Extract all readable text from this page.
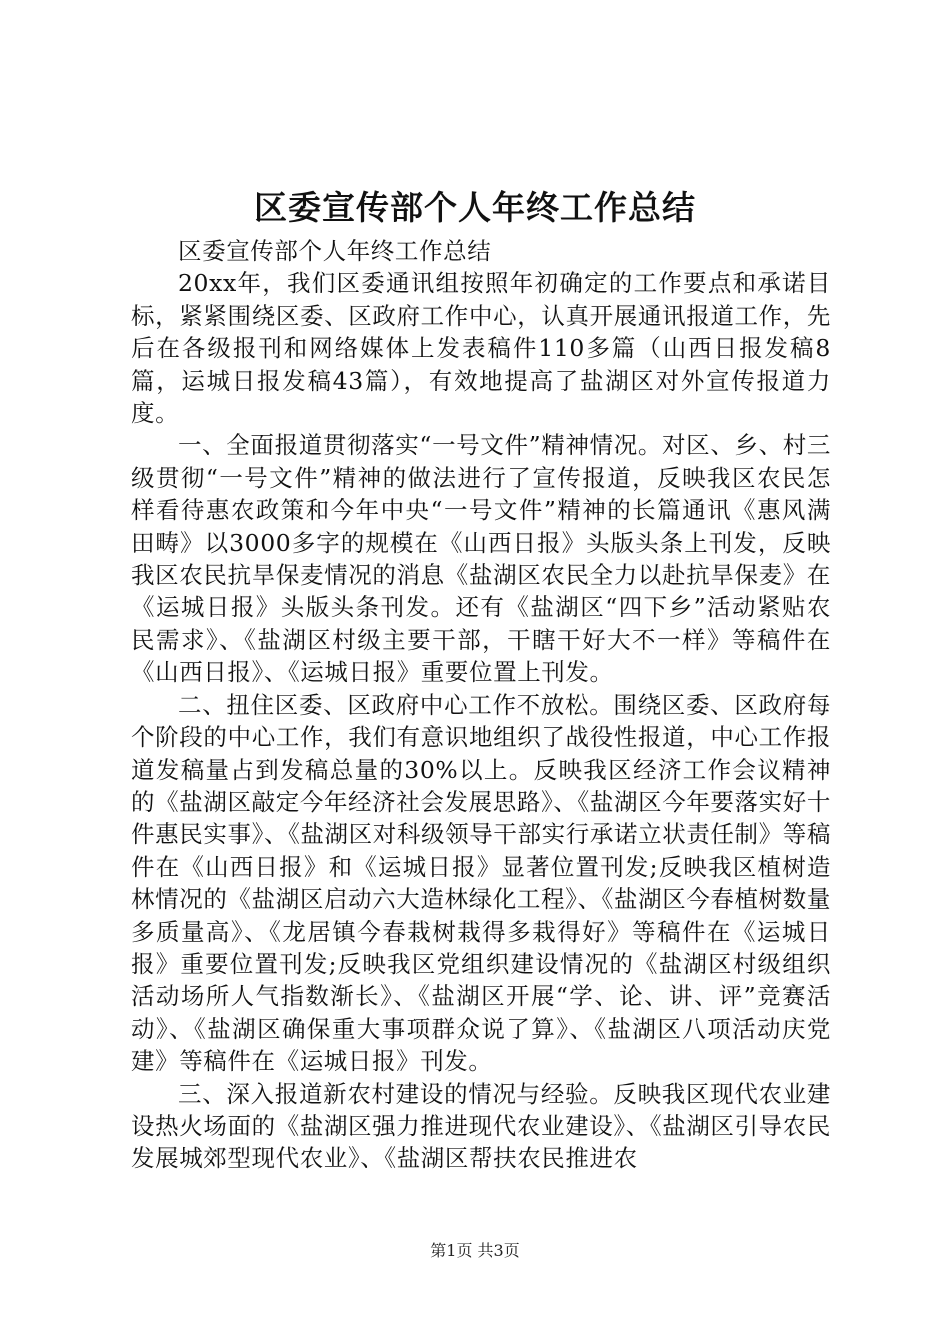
区委宣传部个人年终工作总结

区委宣传部个人年终工作总结

20xx年，我们区委通讯组按照年初确定的工作要点和承诺目标，紧紧围绕区委、区政府工作中心，认真开展通讯报道工作，先后在各级报刊和网络媒体上发表稿件110多篇（山西日报发稿8篇，运城日报发稿43篇），有效地提高了盐湖区对外宣传报道力度。

一、全面报道贯彻落实“一号文件”精神情况。对区、乡、村三级贯彻“一号文件”精神的做法进行了宣传报道，反映我区农民怎样看待惠农政策和今年中央“一号文件”精神的长篇通讯《惠风满田畴》以3000多字的规模在《山西日报》头版头条上刊发，反映我区农民抗旱保麦情况的消息《盐湖区农民全力以赴抗旱保麦》在《运城日报》头版头条刊发。还有《盐湖区“四下乡”活动紧贴农民需求》、《盐湖区村级主要干部，干瞎干好大不一样》等稿件在《山西日报》、《运城日报》重要位置上刊发。

二、扭住区委、区政府中心工作不放松。围绕区委、区政府每个阶段的中心工作，我们有意识地组织了战役性报道，中心工作报道发稿量占到发稿总量的30%以上。反映我区经济工作会议精神的《盐湖区敲定今年经济社会发展思路》、《盐湖区今年要落实好十件惠民实事》、《盐湖区对科级领导干部实行承诺立状责任制》等稿件在《山西日报》和《运城日报》显著位置刊发;反映我区植树造林情况的《盐湖区启动六大造林绿化工程》、《盐湖区今春植树数量多质量高》、《龙居镇今春栽树栽得多栽得好》等稿件在《运城日报》重要位置刊发;反映我区党组织建设情况的《盐湖区村级组织活动场所人气指数渐长》、《盐湖区开展“学、论、讲、评”竞赛活动》、《盐湖区确保重大事项群众说了算》、《盐湖区八项活动庆党建》等稿件在《运城日报》刊发。

三、深入报道新农村建设的情况与经验。反映我区现代农业建设热火场面的《盐湖区强力推进现代农业建设》、《盐湖区引导农民发展城郊型现代农业》、《盐湖区帮扶农民推进农

第1页 共3页
